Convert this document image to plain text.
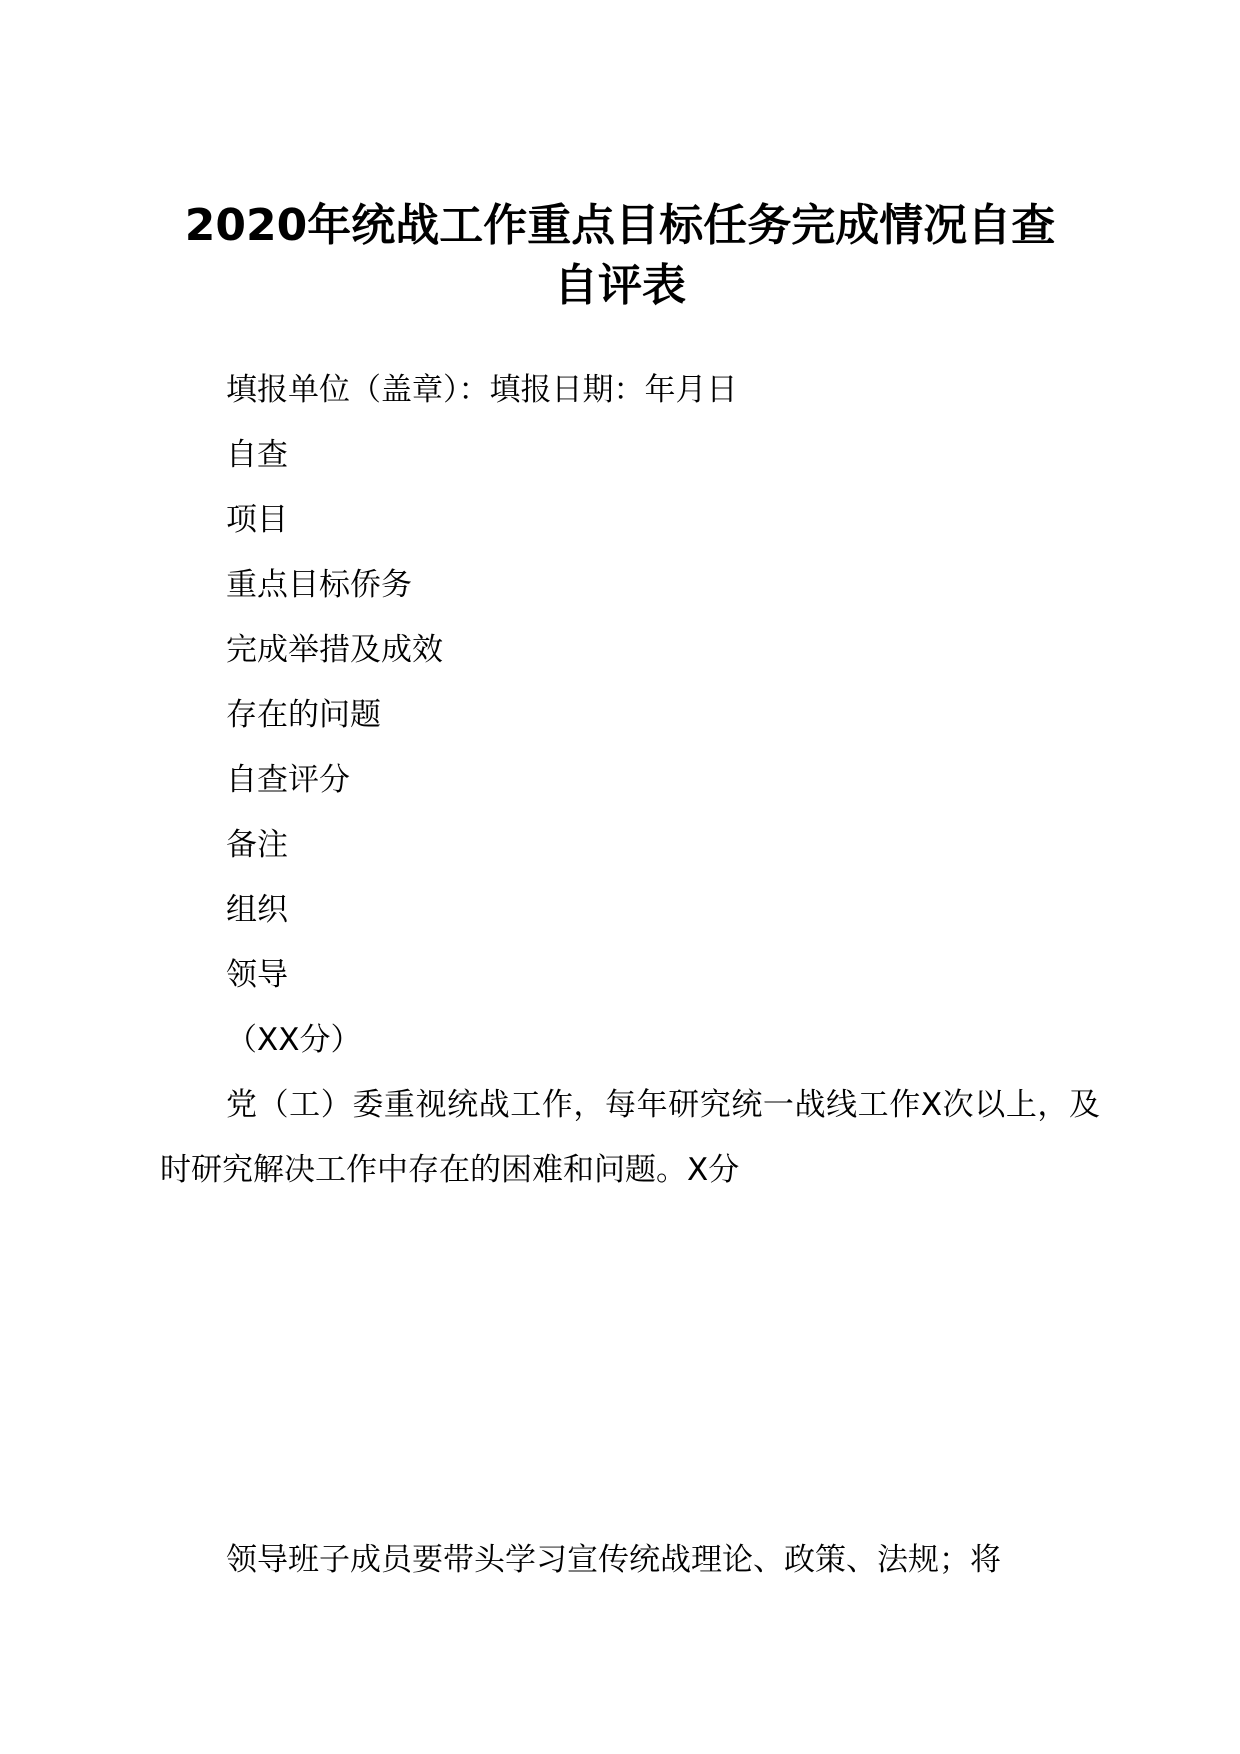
2020年统战工作重点目标任务完成情况自查
自评表
填报单位（盖章）：填报日期：年月日
自查
项目
重点目标侨务
完成举措及成效
存在的问题
自查评分
备注
组织
领导
（XX分）

党（工）委重视统战工作，每年研究统一战线工作X次以上，及时研究解决工作中存在的困难和问题。X分

领导班子成员要带头学习宣传统战理论、政策、法规；将
